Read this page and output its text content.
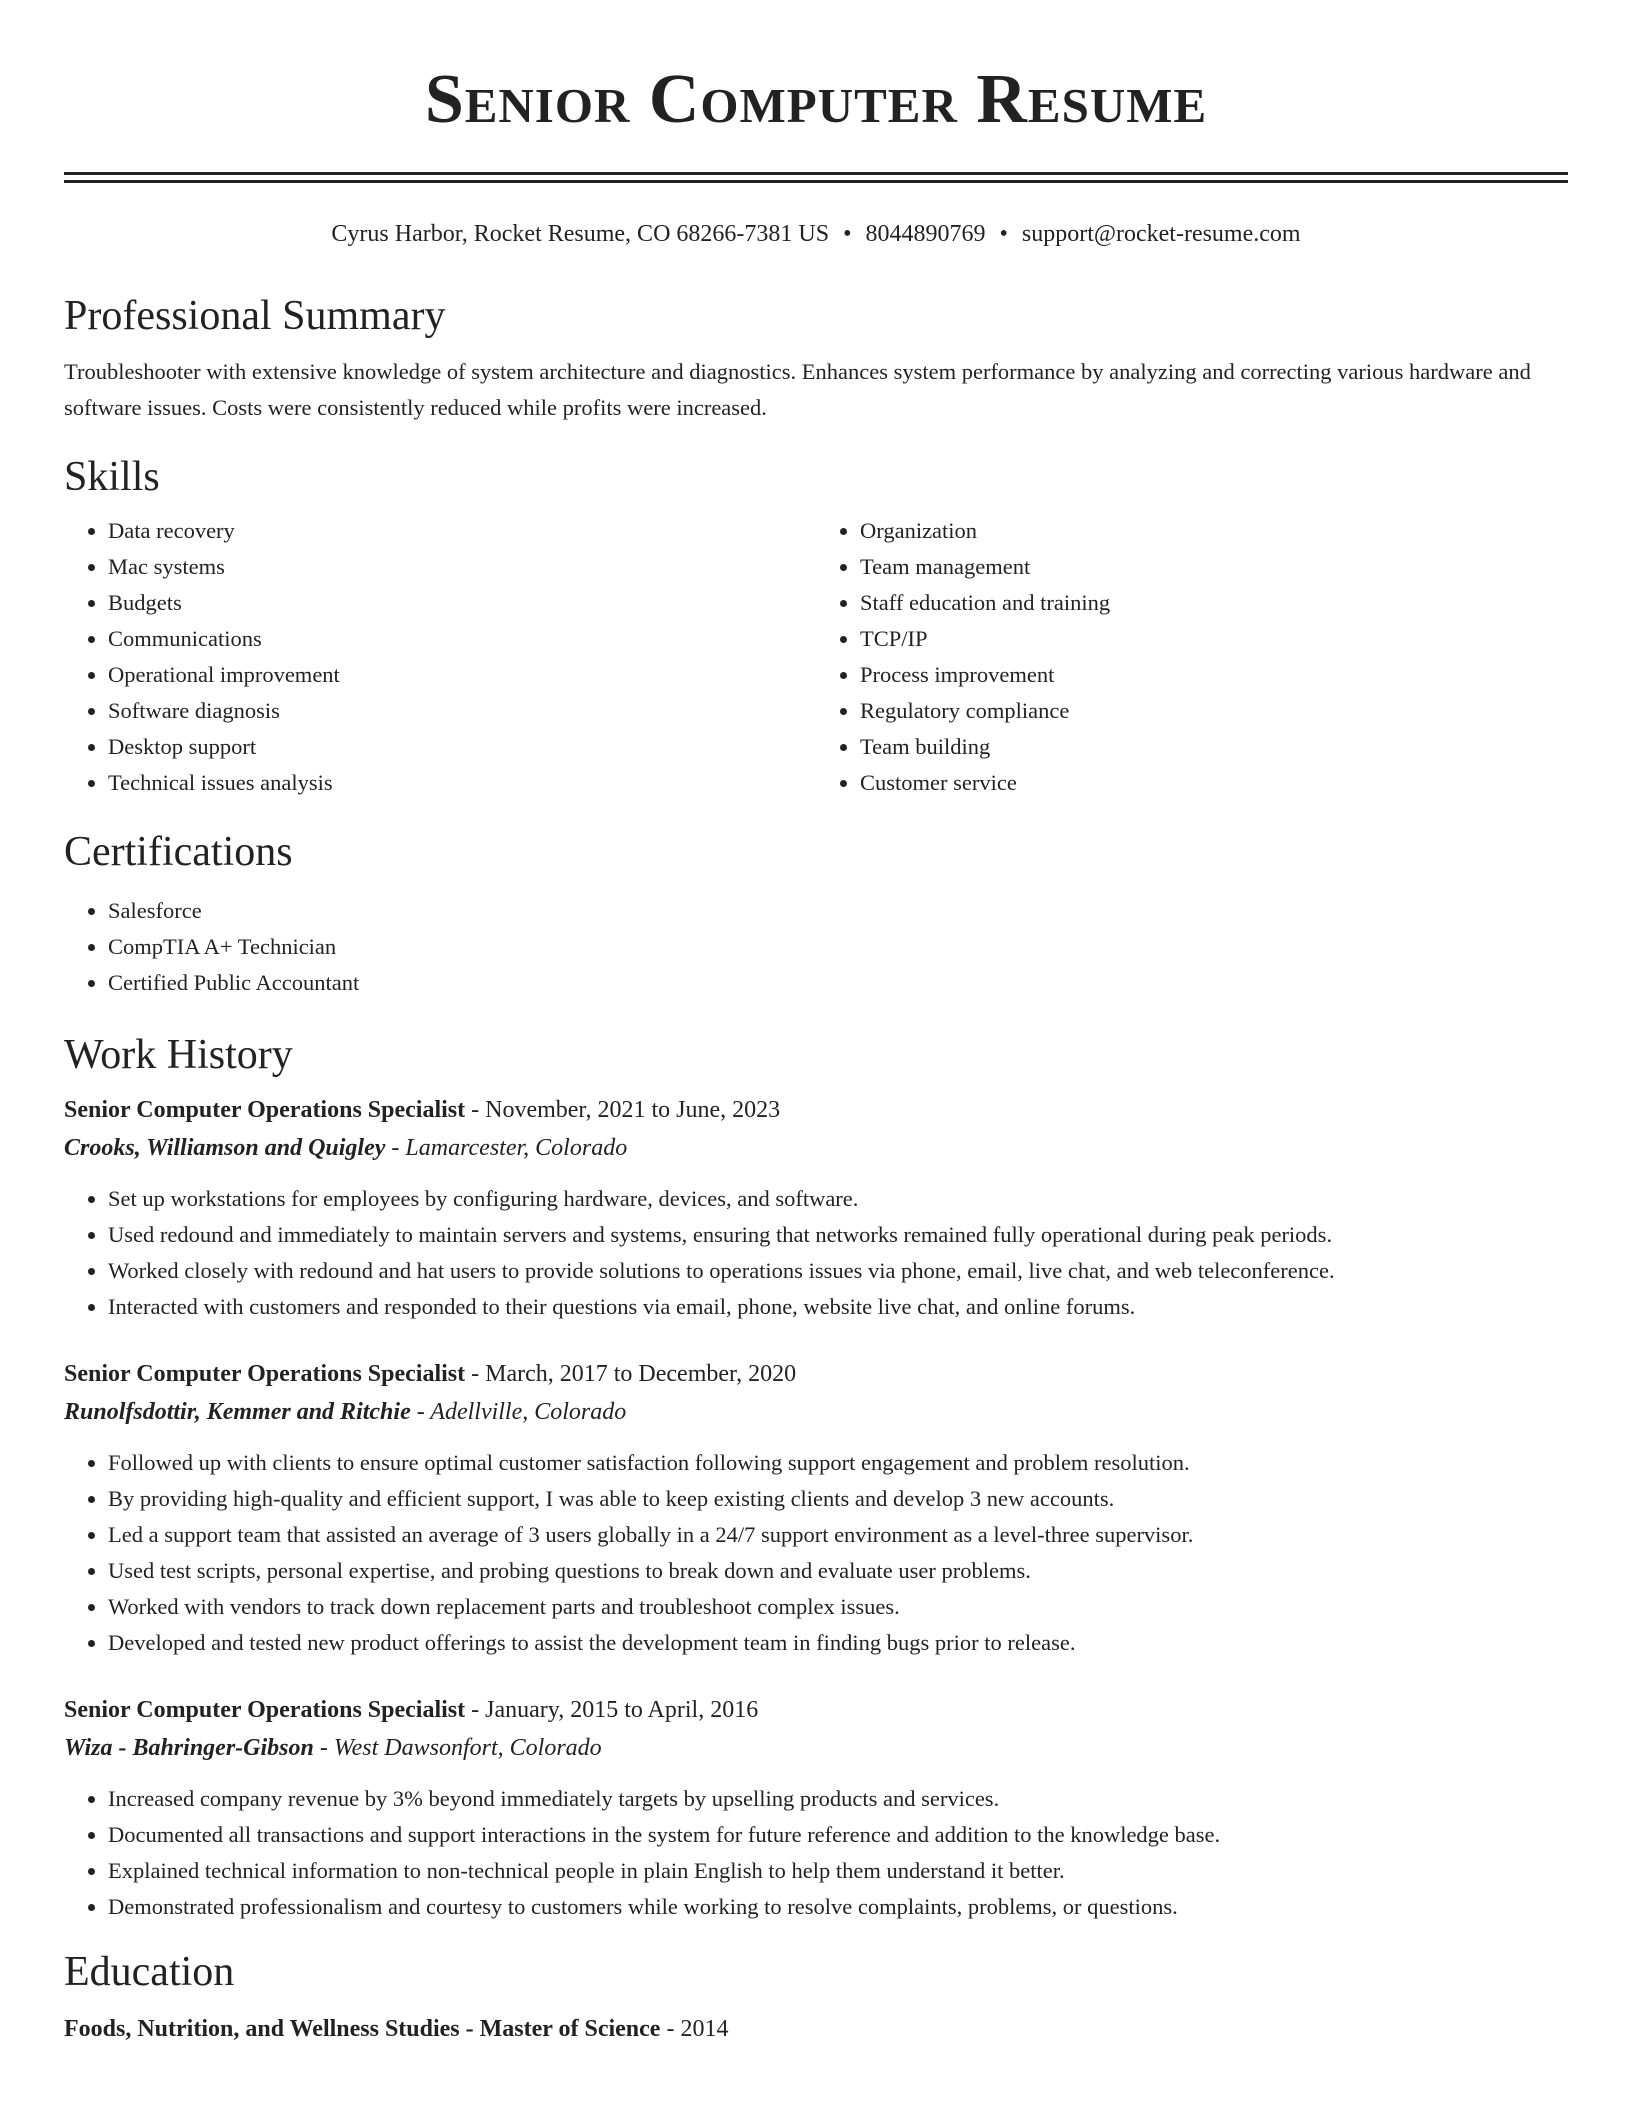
Senior Computer Resume
Cyrus Harbor, Rocket Resume, CO 68266-7381 US • 8044890769 • support@rocket-resume.com
Professional Summary

Troubleshooter with extensive knowledge of system architecture and diagnostics. Enhances system performance by analyzing and correcting various hardware and software issues. Costs were consistently reduced while profits were increased.

Skills
• Data recovery
• Mac systems
• Budgets
• Communications
• Operational improvement
• Software diagnosis
• Desktop support
• Technical issues analysis
• Organization
• Team management
• Staff education and training
• TCP/IP
• Process improvement
• Regulatory compliance
• Team building
• Customer service
Certifications
• Salesforce
• CompTIA A+ Technician
• Certified Public Accountant
Work History
Senior Computer Operations Specialist - November, 2021 to June, 2023
Crooks, Williamson and Quigley - Lamarcester, Colorado
• Set up workstations for employees by configuring hardware, devices, and software.
• Used redound and immediately to maintain servers and systems, ensuring that networks remained fully operational during peak periods.
• Worked closely with redound and hat users to provide solutions to operations issues via phone, email, live chat, and web teleconference.
• Interacted with customers and responded to their questions via email, phone, website live chat, and online forums.
Senior Computer Operations Specialist - March, 2017 to December, 2020
Runolfsdottir, Kemmer and Ritchie - Adellville, Colorado
• Followed up with clients to ensure optimal customer satisfaction following support engagement and problem resolution.
• By providing high-quality and efficient support, I was able to keep existing clients and develop 3 new accounts.
• Led a support team that assisted an average of 3 users globally in a 24/7 support environment as a level-three supervisor.
• Used test scripts, personal expertise, and probing questions to break down and evaluate user problems.
• Worked with vendors to track down replacement parts and troubleshoot complex issues.
• Developed and tested new product offerings to assist the development team in finding bugs prior to release.
Senior Computer Operations Specialist - January, 2015 to April, 2016
Wiza - Bahringer-Gibson - West Dawsonfort, Colorado
• Increased company revenue by 3% beyond immediately targets by upselling products and services.
• Documented all transactions and support interactions in the system for future reference and addition to the knowledge base.
• Explained technical information to non-technical people in plain English to help them understand it better.
• Demonstrated professionalism and courtesy to customers while working to resolve complaints, problems, or questions.
Education
Foods, Nutrition, and Wellness Studies - Master of Science - 2014
